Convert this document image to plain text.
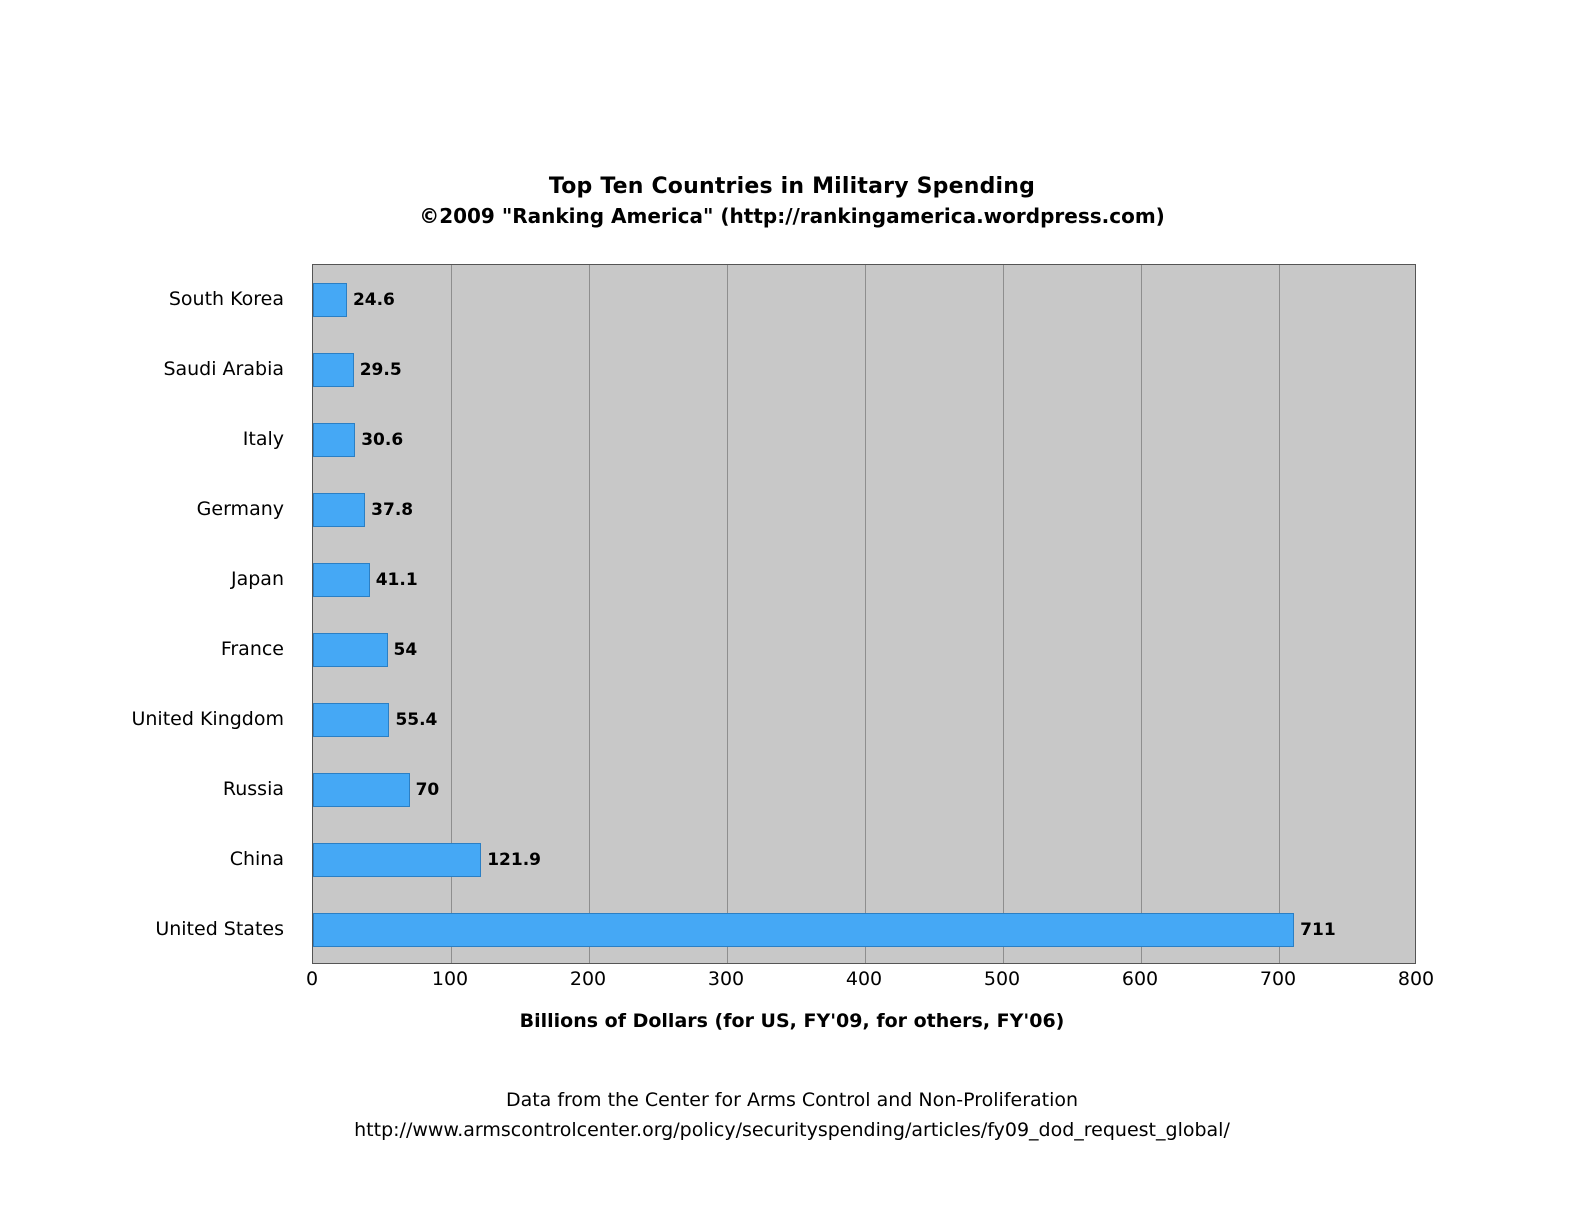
Top Ten Countries in Military Spending
©2009 "Ranking America" (http://rankingamerica.wordpress.com)
South Korea
Saudi Arabia
Italy
Germany
Japan
France
United Kingdom
Russia
China
United States
24.6
29.5
30.6
37.8
41.1
54
55.4
70
121.9
711
0	100	200	300	400	500	600	700	800
Billions of Dollars (for US, FY'09, for others, FY'06)
Data from the Center for Arms Control and Non-Proliferation
http://www.armscontrolcenter.org/policy/securityspending/articles/fy09_dod_request_global/
